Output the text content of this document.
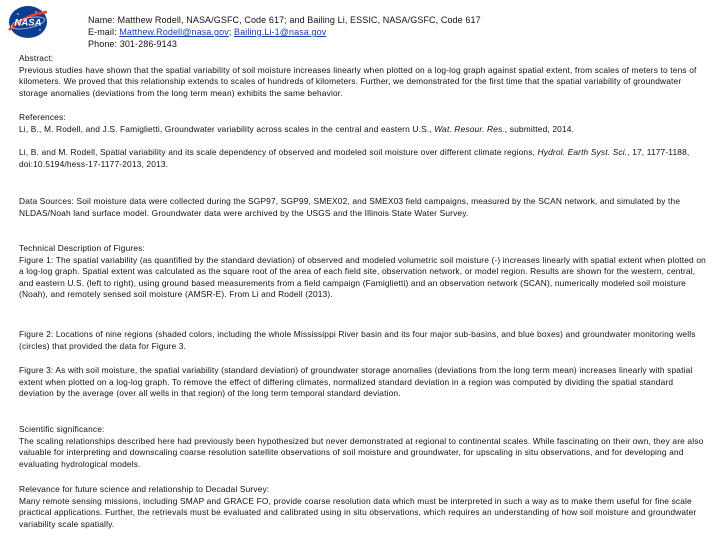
NASA	Name: Matthew Rodell, NASA/GSFC, Code 617; and Bailing Li, ESSIC, NASA/GSFC, Code 617
E-mail: Matthew.Rodell@nasa.gov; Bailing.Li-1@nasa.gov
Phone: 301-286-9143

Abstract:

Previous studies have shown that the spatial variability of soil moisture increases linearly when plotted on a log-log graph against spatial extent, from scales of meters to tens of kilometers. We proved that this relationship extends to scales of hundreds of kilometers. Further, we demonstrated for the first time that the spatial variability of groundwater storage anomalies (deviations from the long term mean) exhibits the same behavior.

References:

Li, B., M. Rodell, and J.S. Famiglietti, Groundwater variability across scales in the central and eastern U.S., Wat. Resour. Res., submitted, 2014.

Li, B. and M. Rodell, Spatial variability and its scale dependency of observed and modeled soil moisture over different climate regions, Hydrol. Earth Syst. Sci., 17, 1177-1188, doi:10.5194/hess-17-1177-2013, 2013.

Data Sources: Soil moisture data were collected during the SGP97, SGP99, SMEX02, and SMEX03 field campaigns, measured by the SCAN network, and simulated by the NLDAS/Noah land surface model. Groundwater data were archived by the USGS and the Illinois State Water Survey.

Technical Description of Figures:

Figure 1: The spatial variability (as quantified by the standard deviation) of observed and modeled volumetric soil moisture (-) increases linearly with spatial extent when plotted on a log-log graph. Spatial extent was calculated as the square root of the area of each field site, observation network, or model region. Results are shown for the western, central, and eastern U.S. (left to right), using ground based measurements from a field campaign (Famiglietti) and an observation network (SCAN), numerically modeled soil moisture (Noah), and remotely sensed soil moisture (AMSR-E). From Li and Rodell (2013).

Figure 2: Locations of nine regions (shaded colors, including the whole Mississippi River basin and its four major sub-basins, and blue boxes) and groundwater monitoring wells (circles) that provided the data for Figure 3.

Figure 3: As with soil moisture, the spatial variability (standard deviation) of groundwater storage anomalies (deviations from the long term mean) increases linearly with spatial extent when plotted on a log-log graph. To remove the effect of differing climates, normalized standard deviation in a region was computed by dividing the spatial standard deviation by the average (over all wells in that region) of the long term temporal standard deviation.

Scientific significance:

The scaling relationships described here had previously been hypothesized but never demonstrated at regional to continental scales. While fascinating on their own, they are also valuable for interpreting and downscaling coarse resolution satellite observations of soil moisture and groundwater, for upscaling in situ observations, and for developing and evaluating hydrological models.

Relevance for future science and relationship to Decadal Survey:

Many remote sensing missions, including SMAP and GRACE FO, provide coarse resolution data which must be interpreted in such a way as to make them useful for fine scale practical applications. Further, the retrievals must be evaluated and calibrated using in situ observations, which requires an understanding of how soil moisture and groundwater variability scale spatially.
